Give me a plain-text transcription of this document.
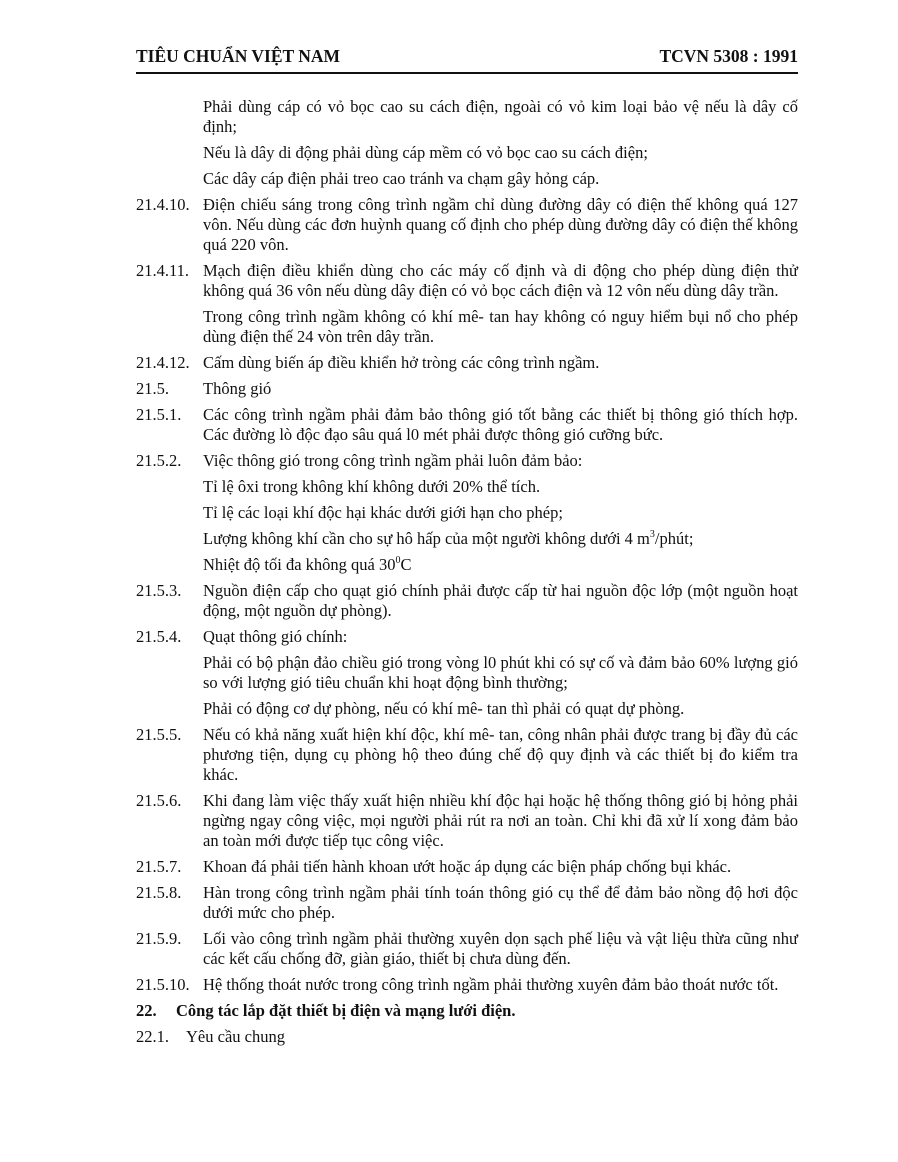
TIÊU CHUẨN VIỆT NAM	TCVN 5308 : 1991
Phải dùng cáp có vỏ bọc cao su cách điện, ngoài có vỏ kim loại bảo vệ nếu là dây cố định;
Nếu là dây di động phải dùng cáp mềm có vỏ bọc cao su cách điện;
Các dây cáp điện phải treo cao tránh va chạm gây hỏng cáp.
21.4.10. Điện chiếu sáng trong công trình ngầm chỉ dùng đường dây có điện thế không quá 127 vôn. Nếu dùng các đơn huỳnh quang cố định cho phép dùng đường dây có điện thế không quá 220 vôn.
21.4.11. Mạch điện điều khiển dùng cho các máy cố định và di động cho phép dùng điện thử không quá 36 vôn nếu dùng dây điện có vỏ bọc cách điện và 12 vôn nếu dùng dây trần.
Trong công trình ngầm không có khí mê- tan hay không có nguy hiểm bụi nổ cho phép dùng điện thế 24 vòn trên dây trần.
21.4.12. Cấm dùng biến áp điều khiển hở tròng các công trình ngầm.
21.5. Thông gió
21.5.1. Các công trình ngầm phải đảm bảo thông gió tốt bằng các thiết bị thông gió thích hợp. Các đường lò độc đạo sâu quá l0 mét phải được thông gió cưỡng bức.
21.5.2. Việc thông gió trong công trình ngầm phải luôn đảm bảo:
Tỉ lệ ôxi trong không khí không dưới 20% thể tích.
Tỉ lệ các loại khí độc hại khác dưới giới hạn cho phép;
Lượng không khí cần cho sự hô hấp của một người không dưới 4 $m^3$/phút;
Nhiệt độ tối đa không quá $30^0C$
21.5.3. Nguồn điện cấp cho quạt gió chính phải được cấp từ hai nguồn độc lớp (một nguồn hoạt động, một nguồn dự phòng).
21.5.4. Quạt thông gió chính:
Phải có bộ phận đảo chiều gió trong vòng l0 phút khi có sự cố và đảm bảo 60% lượng gió so với lượng gió tiêu chuẩn khi hoạt động bình thường;
Phải có động cơ dự phòng, nếu có khí mê- tan thì phải có quạt dự phòng.
21.5.5. Nếu có khả năng xuất hiện khí độc, khí mê- tan, công nhân phải được trang bị đầy đủ các phương tiện, dụng cụ phòng hộ theo đúng chế độ quy định và các thiết bị đo kiểm tra khác.
21.5.6. Khi đang làm việc thấy xuất hiện nhiều khí độc hại hoặc hệ thống thông gió bị hỏng phải ngừng ngay công việc, mọi người phải rút ra nơi an toàn. Chỉ khi đã xử lí xong đảm bảo an toàn mới được tiếp tục công việc.
21.5.7. Khoan đá phải tiến hành khoan ướt hoặc áp dụng các biện pháp chống bụi khác.
21.5.8. Hàn trong công trình ngầm phải tính toán thông gió cụ thể để đảm bảo nồng độ hơi độc dưới mức cho phép.
21.5.9. Lối vào công trình ngầm phải thường xuyên dọn sạch phế liệu và vật liệu thừa cũng như các kết cấu chống đỡ, giàn giáo, thiết bị chưa dùng đến.
21.5.10. Hệ thống thoát nước trong công trình ngầm phải thường xuyên đảm bảo thoát nước tốt.
22. Công tác lắp đặt thiết bị điện và mạng lưới điện.
22.1. Yêu cầu chung
